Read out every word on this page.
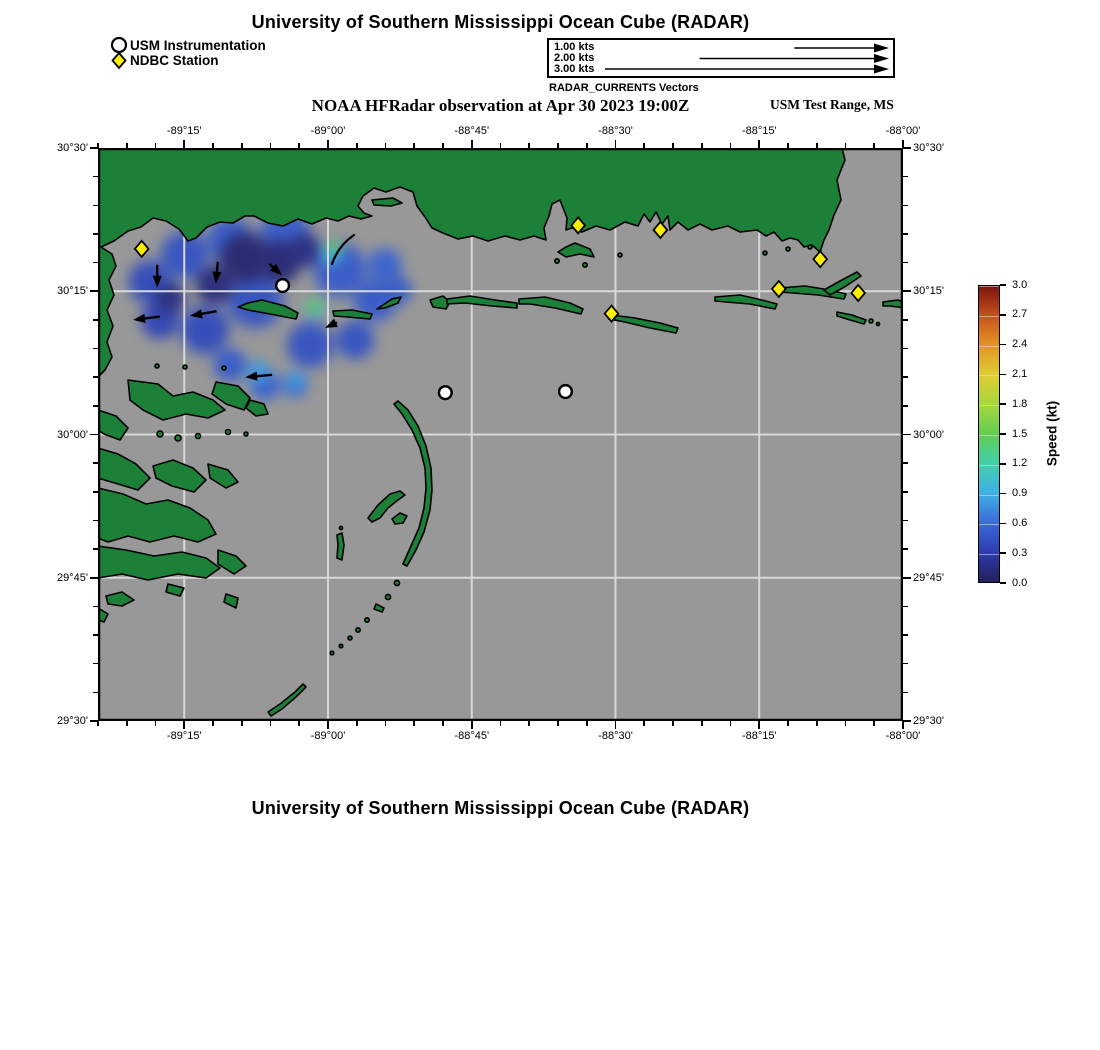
University of Southern Mississippi Ocean Cube (RADAR)
USM Instrumentation
NDBC Station
1.00 kts
2.00 kts
3.00 kts
RADAR_CURRENTS Vectors
NOAA HFRadar observation at Apr 30 2023 19:00Z	USM Test Range, MS
-89°15'
-89°15'
-89°00'
-89°00'
-88°45'
-88°45'
-88°30'
-88°30'
-88°15'
-88°15'
-88°00'
-88°00'
30°30'	30°30'
30°15'	30°15'
30°00'	30°00'
29°45'	29°45'
29°30'	29°30'
0.0
0.3
0.6
0.9
1.2
1.5
1.8
2.1
2.4
2.7
3.0
Speed (kt)
University of Southern Mississippi Ocean Cube (RADAR)
